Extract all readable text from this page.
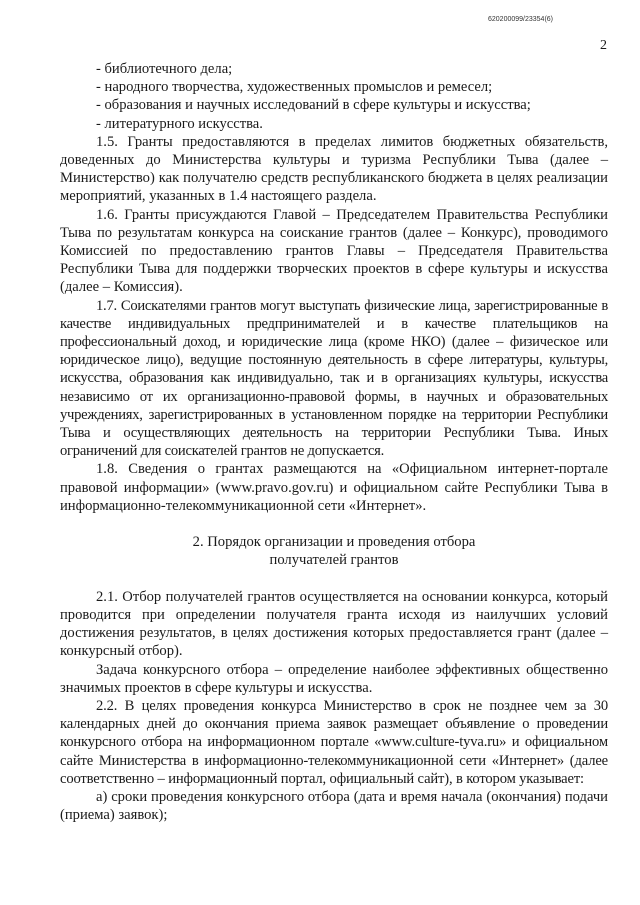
620200099/23354(6)
2

- библиотечного дела;

- народного творчества, художественных промыслов и ремесел;

- образования и научных исследований в сфере культуры и искусства;

- литературного искусства.

1.5. Гранты предоставляются в пределах лимитов бюджетных обязательств, доведенных до Министерства культуры и туризма Республики Тыва (далее – Министерство) как получателю средств республиканского бюджета в целях реализации мероприятий, указанных в 1.4 настоящего раздела.

1.6. Гранты присуждаются Главой – Председателем Правительства Республики Тыва по результатам конкурса на соискание грантов (далее – Конкурс), проводимого Комиссией по предоставлению грантов Главы – Председателя Правительства Республики Тыва для поддержки творческих проектов в сфере культуры и искусства (далее – Комиссия).

1.7. Соискателями грантов могут выступать физические лица, зарегистрированные в качестве индивидуальных предпринимателей и в качестве плательщиков на профессиональный доход, и юридические лица (кроме НКО) (далее – физическое или юридическое лицо), ведущие постоянную деятельность в сфере литературы, культуры, искусства, образования как индивидуально, так и в организациях культуры, искусства независимо от их организационно-правовой формы, в научных и образовательных учреждениях, зарегистрированных в установленном порядке на территории Республики Тыва и осуществляющих деятельность на территории Республики Тыва. Иных ограничений для соискателей грантов не допускается.

1.8. Сведения о грантах размещаются на «Официальном интернет-портале правовой информации» (www.pravo.gov.ru) и официальном сайте Республики Тыва в информационно-телекоммуникационной сети «Интернет».

2. Порядок организации и проведения отбора

получателей грантов

2.1. Отбор получателей грантов осуществляется на основании конкурса, который проводится при определении получателя гранта исходя из наилучших условий достижения результатов, в целях достижения которых предоставляется грант (далее – конкурсный отбор).

Задача конкурсного отбора – определение наиболее эффективных общественно значимых проектов в сфере культуры и искусства.

2.2. В целях проведения конкурса Министерство в срок не позднее чем за 30 календарных дней до окончания приема заявок размещает объявление о проведении конкурсного отбора на информационном портале «www.culture-tyva.ru» и официальном сайте Министерства в информационно-телекоммуникационной сети «Интернет» (далее соответственно – информационный портал, официальный сайт), в котором указывает:

а) сроки проведения конкурсного отбора (дата и время начала (окончания) подачи (приема) заявок);
